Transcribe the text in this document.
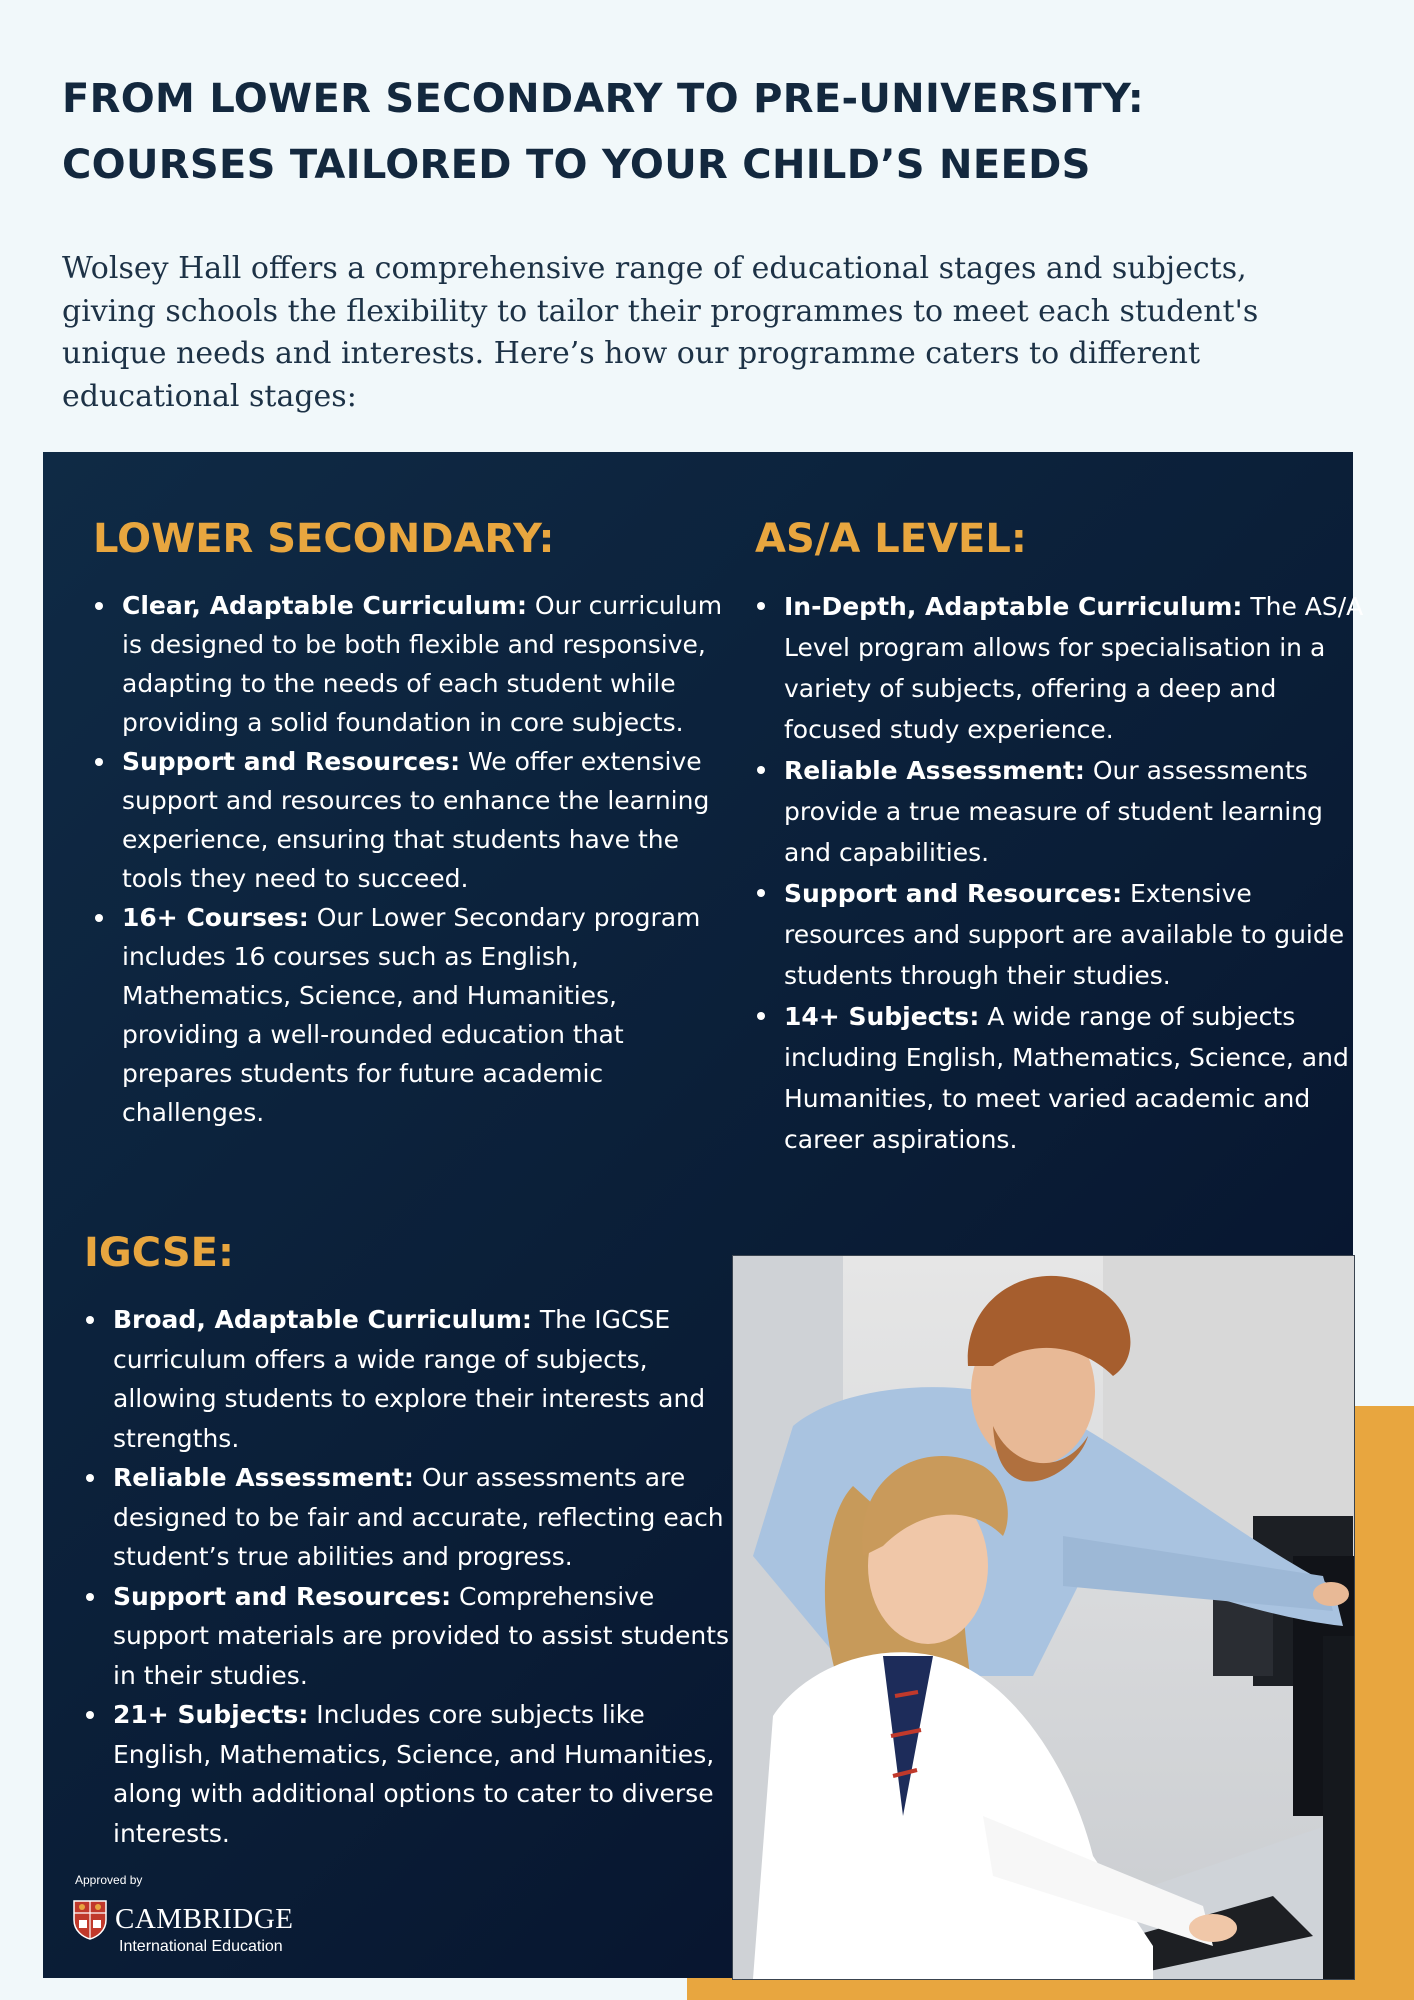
FROM LOWER SECONDARY TO PRE-UNIVERSITY:
COURSES TAILORED TO YOUR CHILD’S NEEDS

Wolsey Hall offers a comprehensive range of educational stages and subjects, giving schools the flexibility to tailor their programmes to meet each student's unique needs and interests. Here’s how our programme caters to different educational stages:

LOWER SECONDARY:
Clear, Adaptable Curriculum: Our curriculum is designed to be both flexible and responsive, adapting to the needs of each student while providing a solid foundation in core subjects.
Support and Resources: We offer extensive support and resources to enhance the learning experience, ensuring that students have the tools they need to succeed.
16+ Courses: Our Lower Secondary program includes 16 courses such as English, Mathematics, Science, and Humanities, providing a well-rounded education that prepares students for future academic challenges.
AS/A LEVEL:
In-Depth, Adaptable Curriculum: The AS/A Level program allows for specialisation in a variety of subjects, offering a deep and focused study experience.
Reliable Assessment: Our assessments provide a true measure of student learning and capabilities.
Support and Resources: Extensive resources and support are available to guide students through their studies.
14+ Subjects: A wide range of subjects including English, Mathematics, Science, and Humanities, to meet varied academic and career aspirations.
IGCSE:
Broad, Adaptable Curriculum: The IGCSE curriculum offers a wide range of subjects, allowing students to explore their interests and strengths.
Reliable Assessment: Our assessments are designed to be fair and accurate, reflecting each student’s true abilities and progress.
Support and Resources: Comprehensive support materials are provided to assist students in their studies.
21+ Subjects: Includes core subjects like English, Mathematics, Science, and Humanities, along with additional options to cater to diverse interests.
Approved by
CAMBRIDGE
International Education
